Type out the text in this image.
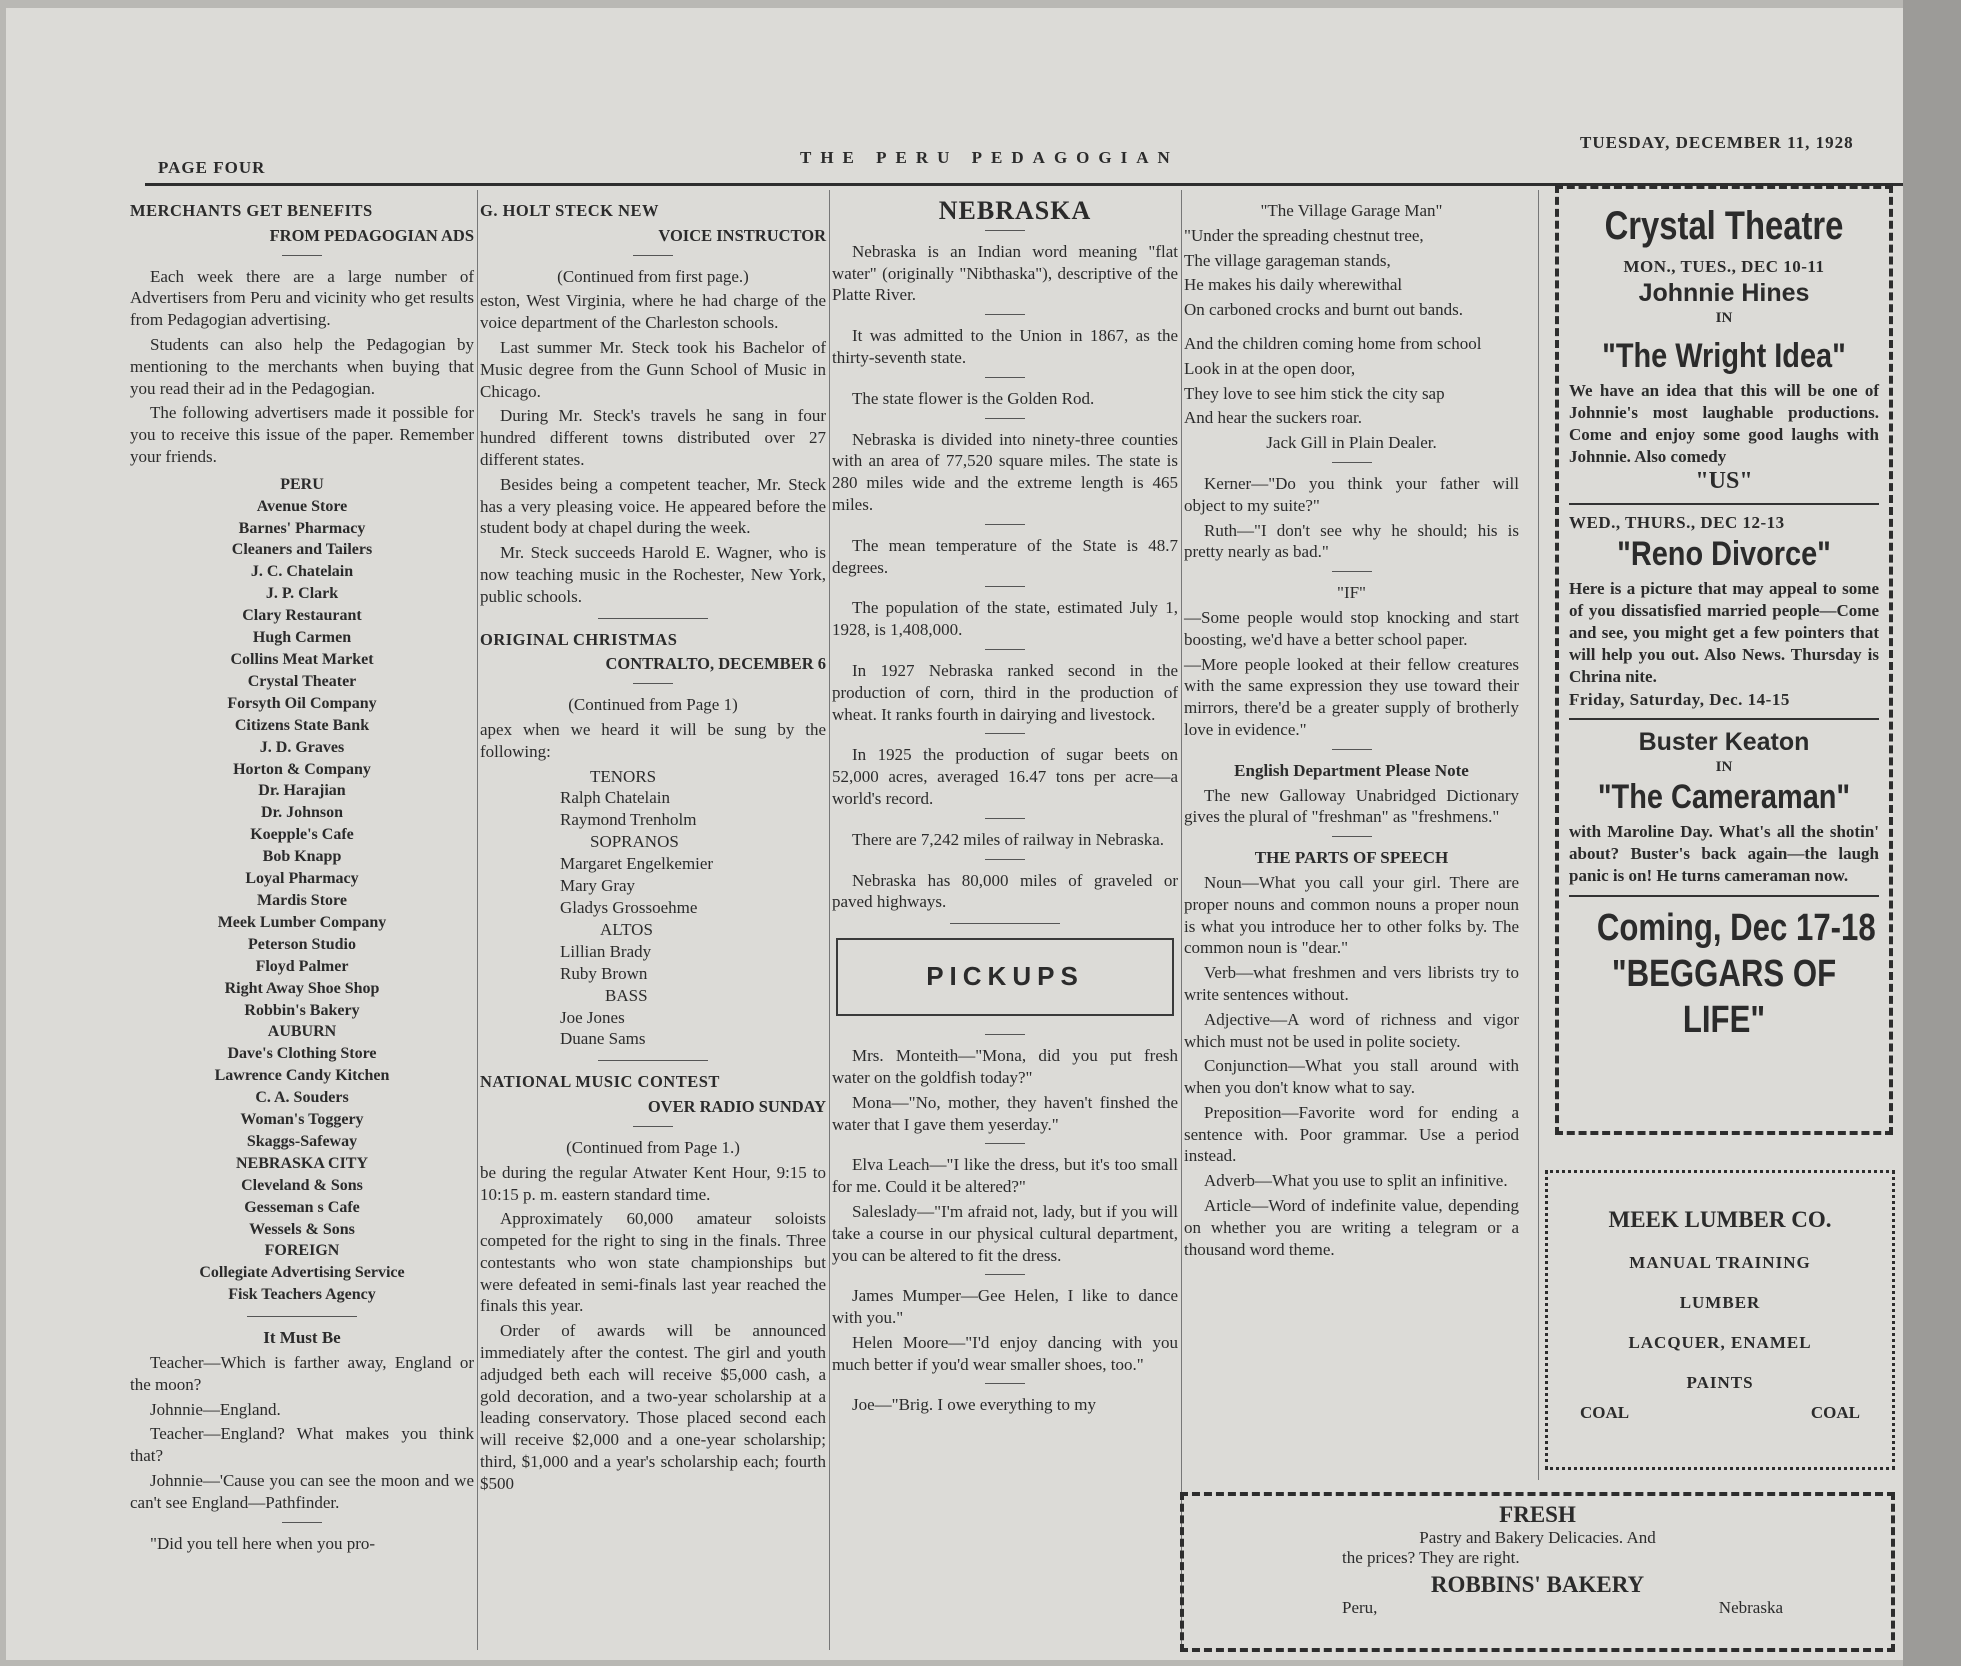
PAGE FOUR
THE PERU PEDAGOGIAN
TUESDAY, DECEMBER 11, 1928

MERCHANTS GET BENEFITS

FROM PEDAGOGIAN ADS

Each week there are a large number of Advertisers from Peru and vicinity who get results from Pedagogian advertising.

Students can also help the Pedagogian by mentioning to the merchants when buying that you read their ad in the Pedagogian.

The following advertisers made it possible for you to receive this issue of the paper. Remember your friends.

PERU
Avenue Store
Barnes' Pharmacy
Cleaners and Tailers
J. C. Chatelain
J. P. Clark
Clary Restaurant
Hugh Carmen
Collins Meat Market
Crystal Theater
Forsyth Oil Company
Citizens State Bank
J. D. Graves
Horton & Company
Dr. Harajian
Dr. Johnson
Koepple's Cafe
Bob Knapp
Loyal Pharmacy
Mardis Store
Meek Lumber Company
Peterson Studio
Floyd Palmer
Right Away Shoe Shop
Robbin's Bakery
AUBURN
Dave's Clothing Store
Lawrence Candy Kitchen
C. A. Souders
Woman's Toggery
Skaggs-Safeway
NEBRASKA CITY
Cleveland & Sons
Gesseman s Cafe
Wessels & Sons
FOREIGN
Collegiate Advertising Service
Fisk Teachers Agency

It Must Be

Teacher—Which is farther away, England or the moon?

Johnnie—England.

Teacher—England? What makes you think that?

Johnnie—'Cause you can see the moon and we can't see England—Pathfinder.

"Did you tell here when you pro-

G. HOLT STECK NEW

VOICE INSTRUCTOR

(Continued from first page.)

eston, West Virginia, where he had charge of the voice department of the Charleston schools.

Last summer Mr. Steck took his Bachelor of Music degree from the Gunn School of Music in Chicago.

During Mr. Steck's travels he sang in four hundred different towns distributed over 27 different states.

Besides being a competent teacher, Mr. Steck has a very pleasing voice. He appeared before the student body at chapel during the week.

Mr. Steck succeeds Harold E. Wagner, who is now teaching music in the Rochester, New York, public schools.

ORIGINAL CHRISTMAS

CONTRALTO, DECEMBER 6

(Continued from Page 1)

apex when we heard it will be sung by the following:

TENORS
Ralph Chatelain
Raymond Trenholm
SOPRANOS
Margaret Engelkemier
Mary Gray
Gladys Grossoehme
ALTOS
Lillian Brady
Ruby Brown
BASS
Joe Jones
Duane Sams

NATIONAL MUSIC CONTEST

OVER RADIO SUNDAY

(Continued from Page 1.)

be during the regular Atwater Kent Hour, 9:15 to 10:15 p. m. eastern standard time.

Approximately 60,000 amateur soloists competed for the right to sing in the finals. Three contestants who won state championships but were defeated in semi-finals last year reached the finals this year.

Order of awards will be announced immediately after the contest. The girl and youth adjudged beth each will receive $5,000 cash, a gold decoration, and a two-year scholarship at a leading conservatory. Those placed second each will receive $2,000 and a one-year scholarship; third, $1,000 and a year's scholarship each; fourth $500

NEBRASKA

Nebraska is an Indian word meaning "flat water" (originally "Nibthaska"), descriptive of the Platte River.

It was admitted to the Union in 1867, as the thirty-seventh state.

The state flower is the Golden Rod.

Nebraska is divided into ninety-three counties with an area of 77,520 square miles. The state is 280 miles wide and the extreme length is 465 miles.

The mean temperature of the State is 48.7 degrees.

The population of the state, estimated July 1, 1928, is 1,408,000.

In 1927 Nebraska ranked second in the production of corn, third in the production of wheat. It ranks fourth in dairying and livestock.

In 1925 the production of sugar beets on 52,000 acres, averaged 16.47 tons per acre—a world's record.

There are 7,242 miles of railway in Nebraska.

Nebraska has 80,000 miles of graveled or paved highways.

PICKUPS

Mrs. Monteith—"Mona, did you put fresh water on the goldfish today?"

Mona—"No, mother, they haven't finshed the water that I gave them yeserday."

Elva Leach—"I like the dress, but it's too small for me. Could it be altered?"

Saleslady—"I'm afraid not, lady, but if you will take a course in our physical cultural department, you can be altered to fit the dress.

James Mumper—Gee Helen, I like to dance with you."

Helen Moore—"I'd enjoy dancing with you much better if you'd wear smaller shoes, too."

Joe—"Brig. I owe everything to my

"The Village Garage Man"

"Under the spreading chestnut tree,

The village garageman stands,

He makes his daily wherewithal

On carboned crocks and burnt out bands.

And the children coming home from school

Look in at the open door,

They love to see him stick the city sap

And hear the suckers roar.

Jack Gill in Plain Dealer.

Kerner—"Do you think your father will object to my suite?"

Ruth—"I don't see why he should; his is pretty nearly as bad."

"IF"

—Some people would stop knocking and start boosting, we'd have a better school paper.

—More people looked at their fellow creatures with the same expression they use toward their mirrors, there'd be a greater supply of brotherly love in evidence."

English Department Please Note

The new Galloway Unabridged Dictionary gives the plural of "freshman" as "freshmens."

THE PARTS OF SPEECH

Noun—What you call your girl. There are proper nouns and common nouns a proper noun is what you introduce her to other folks by. The common noun is "dear."

Verb—what freshmen and vers librists try to write sentences without.

Adjective—A word of richness and vigor which must not be used in polite society.

Conjunction—What you stall around with when you don't know what to say.

Preposition—Favorite word for ending a sentence with. Poor grammar. Use a period instead.

Adverb—What you use to split an infinitive.

Article—Word of indefinite value, depending on whether you are writing a telegram or a thousand word theme.

Crystal Theatre
MON., TUES., DEC 10-11
Johnnie Hines
IN
"The Wright Idea"
We have an idea that this will be one of Johnnie's most laughable productions. Come and enjoy some good laughs with Johnnie. Also comedy
"US"
WED., THURS., DEC 12-13
"Reno Divorce"
Here is a picture that may appeal to some of you dissatisfied married people—Come and see, you might get a few pointers that will help you out. Also News. Thursday is Chrina nite.
Friday, Saturday, Dec. 14-15
Buster Keaton
IN
"The Cameraman"
with Maroline Day. What's all the shotin' about? Buster's back again—the laugh panic is on! He turns cameraman now.
Coming, Dec 17-18
"BEGGARS OF
LIFE"
MEEK LUMBER CO.
MANUAL TRAINING
LUMBER
LACQUER, ENAMEL
PAINTS
COAL	COAL
FRESH
Pastry and Bakery Delicacies. And
the prices? They are right.
ROBBINS' BAKERY
Peru,	Nebraska
